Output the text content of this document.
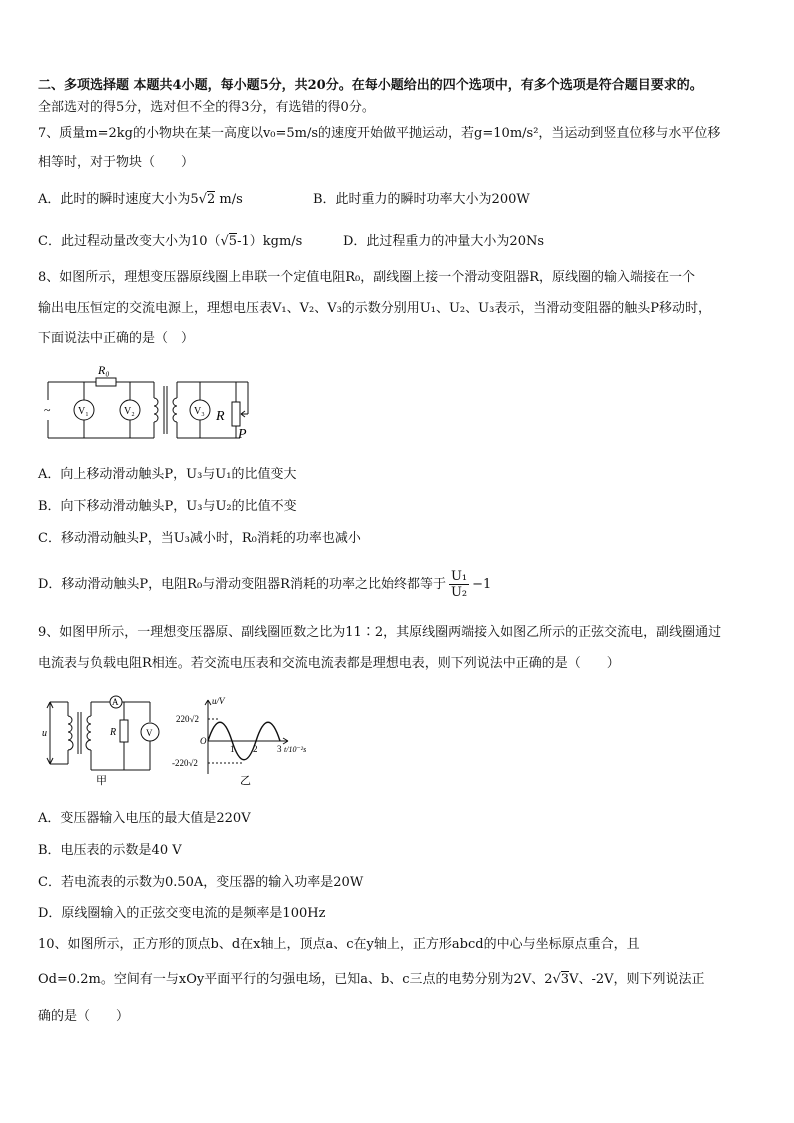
二、多项选择题 本题共4小题，每小题5分，共20分。在每小题给出的四个选项中，有多个选项是符合题目要求的。
全部选对的得5分，选对但不全的得3分，有选错的得0分。
7、质量m=2kg的小物块在某一高度以v₀=5m/s的速度开始做平抛运动，若g=10m/s²，当运动到竖直位移与水平位移
相等时，对于物块（　　）
A．此时的瞬时速度大小为5√2 m/s	B．此时重力的瞬时功率大小为200W
C．此过程动量改变大小为10（√5-1）kgm/s	D．此过程重力的冲量大小为20Ns
8、如图所示，理想变压器原线圈上串联一个定值电阻R₀，副线圈上接一个滑动变阻器R，原线圈的输入端接在一个
输出电压恒定的交流电源上，理想电压表V₁、V₂、V₃的示数分别用U₁、U₂、U₃表示，当滑动变阻器的触头P移动时，
下面说法中正确的是（　）
~
R₀
V₁	V₂	V₃ R
P
A．向上移动滑动触头P，U₃与U₁的比值变大
B．向下移动滑动触头P，U₃与U₂的比值不变
C．移动滑动触头P，当U₃减小时，R₀消耗的功率也减小
D．移动滑动触头P，电阻R₀与滑动变阻器R消耗的功率之比始终都等于 $\frac{\text{U₁}}{\text{U₂}} -1$
9、如图甲所示，一理想变压器原、副线圈匝数之比为11∶2，其原线圈两端接入如图乙所示的正弦交流电，副线圈通过
电流表与负载电阻R相连。若交流电压表和交流电流表都是理想电表，则下列说法中正确的是（　　）
u
A
R	V
甲
u/V
220√2
O
-220√2
1 2 3 t/10⁻²s
乙
A．变压器输入电压的最大值是220V
B．电压表的示数是40 V
C．若电流表的示数为0.50A，变压器的输入功率是20W
D．原线圈输入的正弦交变电流的是频率是100Hz
10、如图所示，正方形的顶点b、d在x轴上，顶点a、c在y轴上，正方形abcd的中心与坐标原点重合，且
Od=0.2m。空间有一与xOy平面平行的匀强电场，已知a、b、c三点的电势分别为2V、2√3V、-2V，则下列说法正
确的是（　　）
